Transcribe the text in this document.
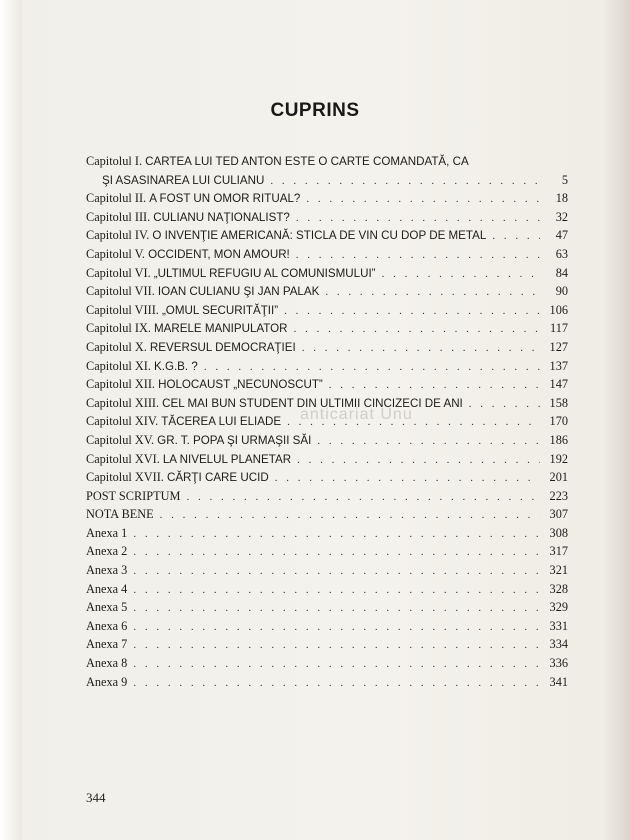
CUPRINS
Capitolul I. CARTEA LUI TED ANTON ESTE O CARTE COMANDATĂ, CA
ŞI ASASINAREA LUI CULIANU . . .	5
Capitolul II. A FOST UN OMOR RITUAL? . . .	18
Capitolul III. CULIANU NAŢIONALIST? . . .	32
Capitolul IV. O INVENŢIE AMERICANĂ: STICLA DE VIN CU DOP DE METAL . . .	47
Capitolul V. OCCIDENT, MON AMOUR! . . .	63
Capitolul VI. „ULTIMUL REFUGIU AL COMUNISMULUI” . . .	84
Capitolul VII. IOAN CULIANU ŞI JAN PALAK . . .	90
Capitolul VIII. „OMUL SECURITĂŢII” . . .	106
Capitolul IX. MARELE MANIPULATOR . . .	117
Capitolul X. REVERSUL DEMOCRAŢIEI . . .	127
Capitolul XI. K.G.B. ? . . .	137
Capitolul XII. HOLOCAUST „NECUNOSCUT” . . .	147
Capitolul XIII. CEL MAI BUN STUDENT DIN ULTIMII CINCIZECI DE ANI . . .	158
Capitolul XIV. TĂCEREA LUI ELIADE . . .	170
Capitolul XV. GR. T. POPA ŞI URMAŞII SĂI . . .	186
Capitolul XVI. LA NIVELUL PLANETAR . . .	192
Capitolul XVII. CĂRŢI CARE UCID . . .	201
POST SCRIPTUM . . .	223
NOTA BENE . . .	307
Anexa 1 . . .	308
Anexa 2 . . .	317
Anexa 3 . . .	321
Anexa 4 . . .	328
Anexa 5 . . .	329
Anexa 6 . . .	331
Anexa 7 . . .	334
Anexa 8 . . .	336
Anexa 9 . . .	341
anticariat Unu
344
